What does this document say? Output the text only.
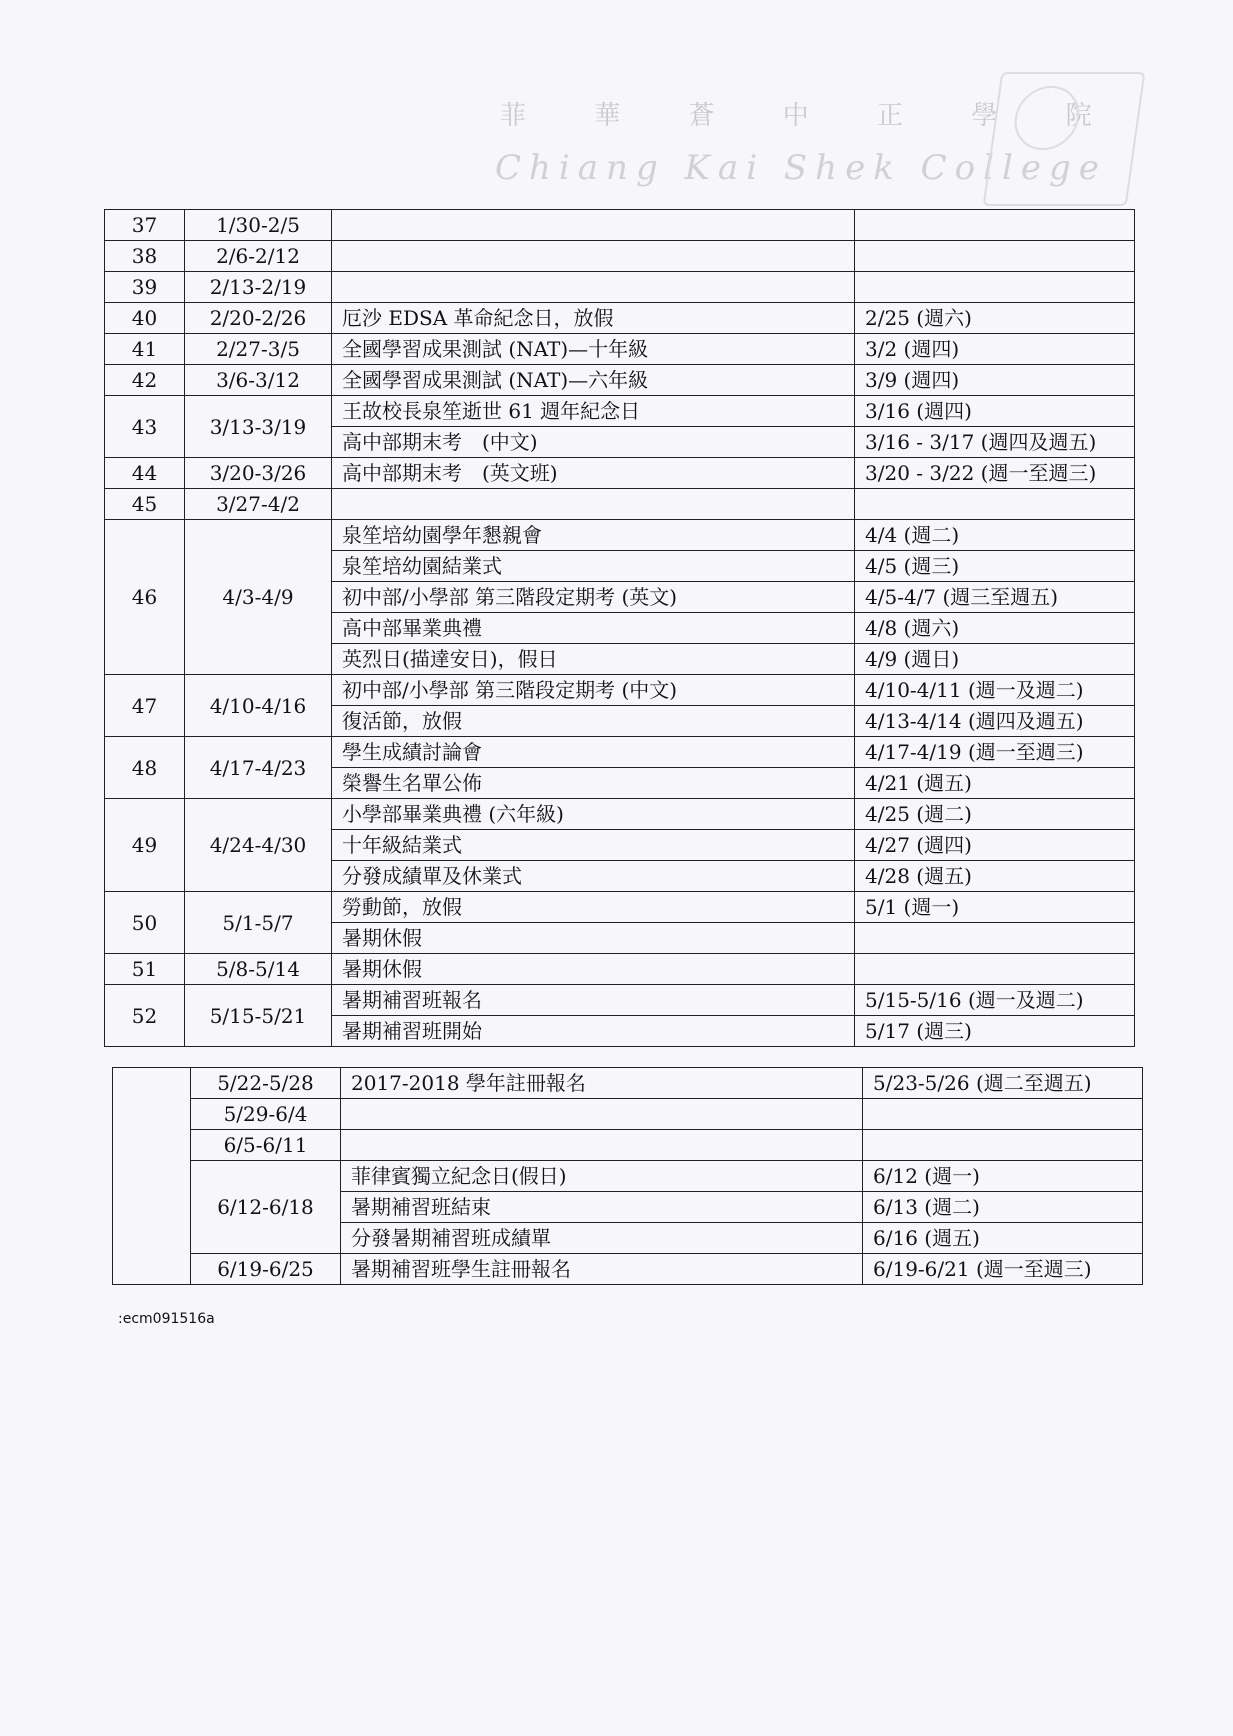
菲 華 蒼 中 正 學 院
Chiang Kai Shek College
37	1/30-2/5		
38	2/6-2/12		
39	2/13-2/19		
40	2/20-2/26	厄沙 EDSA 革命紀念日，放假	2/25 (週六)
41	2/27-3/5	全國學習成果測試 (NAT)—十年級	3/2 (週四)
42	3/6-3/12	全國學習成果測試 (NAT)—六年級	3/9 (週四)
43	3/13-3/19	王故校長泉笙逝世 61 週年紀念日	3/16 (週四)
		高中部期末考　(中文)	3/16 - 3/17 (週四及週五)
44	3/20-3/26	高中部期末考　(英文班)	3/20 - 3/22 (週一至週三)
45	3/27-4/2		
46	4/3-4/9	泉笙培幼園學年懇親會	4/4 (週二)
		泉笙培幼園結業式	4/5 (週三)
		初中部/小學部 第三階段定期考 (英文)	4/5-4/7 (週三至週五)
		高中部畢業典禮	4/8 (週六)
		英烈日(描達安日)，假日	4/9 (週日)
47	4/10-4/16	初中部/小學部 第三階段定期考 (中文)	4/10-4/11 (週一及週二)
		復活節，放假	4/13-4/14 (週四及週五)
48	4/17-4/23	學生成績討論會	4/17-4/19 (週一至週三)
		榮譽生名單公佈	4/21 (週五)
49	4/24-4/30	小學部畢業典禮 (六年級)	4/25 (週二)
		十年級結業式	4/27 (週四)
		分發成績單及休業式	4/28 (週五)
50	5/1-5/7	勞動節，放假	5/1 (週一)
		暑期休假	
51	5/8-5/14	暑期休假	
52	5/15-5/21	暑期補習班報名	5/15-5/16 (週一及週二)
		暑期補習班開始	5/17 (週三)
	5/22-5/28	2017-2018 學年註冊報名	5/23-5/26 (週二至週五)
	5/29-6/4		
	6/5-6/11		
	6/12-6/18	菲律賓獨立紀念日(假日)	6/12 (週一)
		暑期補習班結束	6/13 (週二)
		分發暑期補習班成績單	6/16 (週五)
	6/19-6/25	暑期補習班學生註冊報名	6/19-6/21 (週一至週三)
:ecm091516a
